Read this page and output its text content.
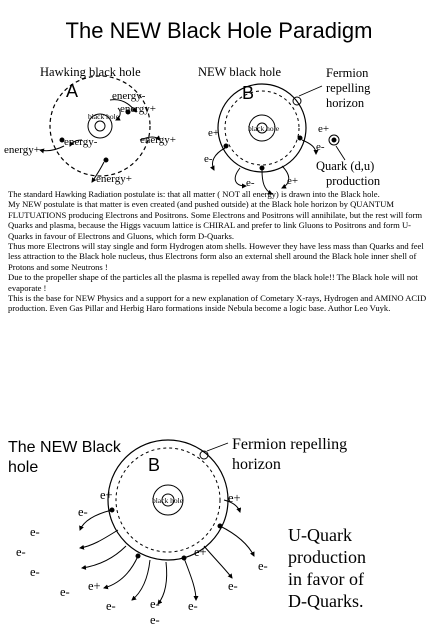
The NEW Black Hole Paradigm
Hawking black hole
A
black hole
energy-
energy+
energy+
energy-	energy+
energy+
NEW black hole
B
black hole
Fermion
repelling
horizon
Quark (d,u)
production
e+
e-
e-	e+
e+
e-

The standard Hawking Radiation postulate is: that all matter ( NOT all energy) is drawn into the Black hole.

My NEW postulate is that matter is even created (and pushed outside) at the Black hole horizon by QUANTUM FLUTUATIONS producing Electrons and Positrons. Some Electrons and Positrons will annihilate, but the rest will form Quarks and plasma, because the Higgs vacuum lattice is CHIRAL and prefer to link Gluons to Positrons and form U- Quarks in favour of Electrons and Gluons, which form D-Quarks.

Thus more Electrons will stay single and form Hydrogen atom shells. However they have less mass than Quarks and feel less attraction to the Black hole nucleus, thus Electrons form also an external shell around the Black hole inner shell of Protons and some Neutrons !

Due to the propeller shape of the particles all the plasma is repelled away from the black hole!! The Black hole will not evaporate !

This is the base for NEW Physics and a support for a new explanation of Cometary X-rays, Hydrogen and AMINO ACID production. Even Gas Pillar and Herbig Haro formations inside Nebula become a logic base. Author Leo Vuyk.

The NEW Black
hole	B
black hole
Fermion repelling
horizon
U-Quark
production
in favor of
D-Quarks.
e+
e-
e+
e+
e-
e-
e-
e- e+
e-	e- e-
e-
e-
e-
